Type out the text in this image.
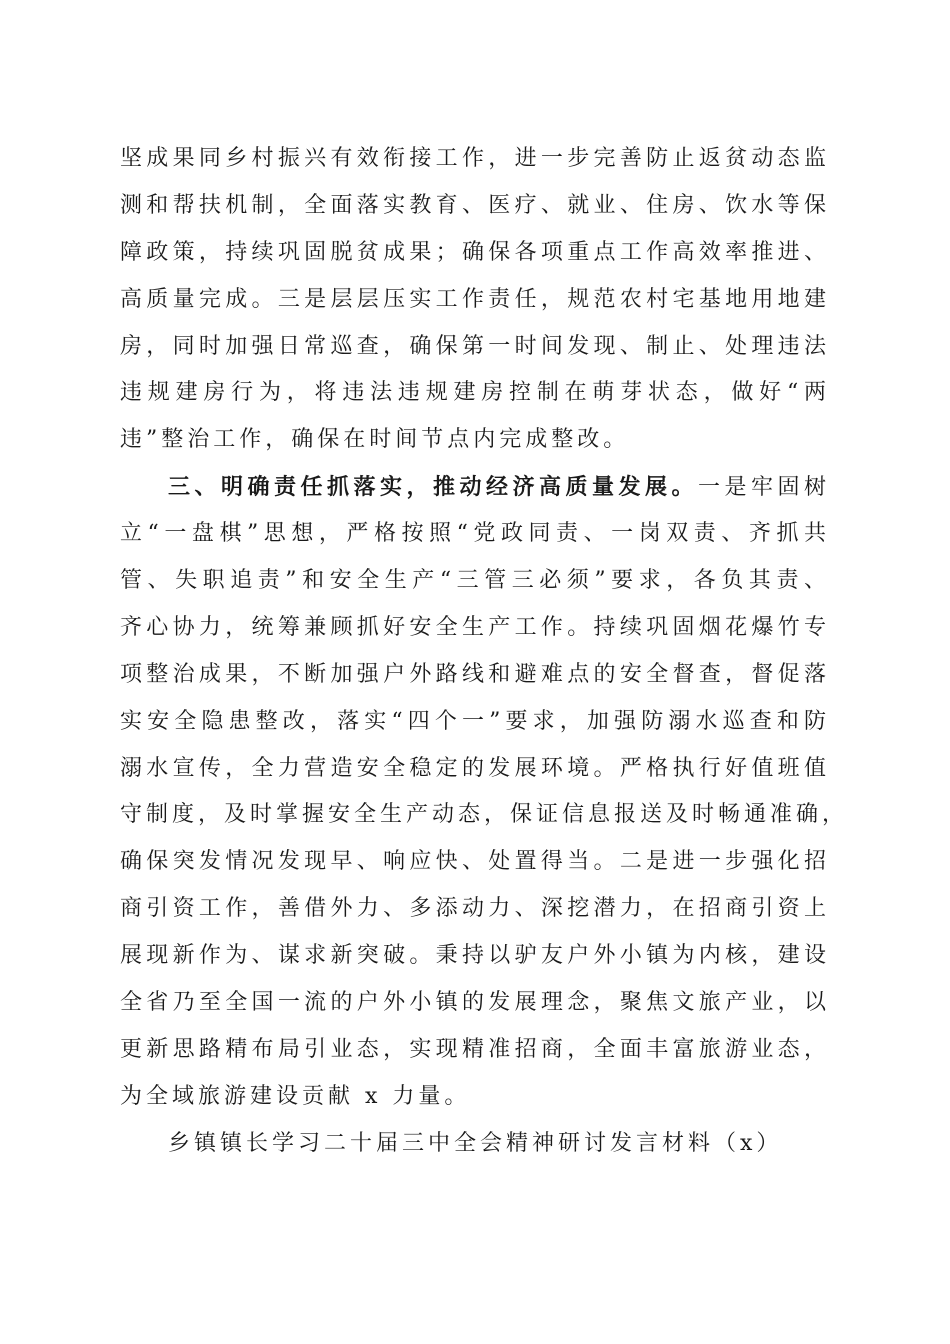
坚成果同乡村振兴有效衔接工作，进一步完善防止返贫动态监
测和帮扶机制，全面落实教育、医疗、就业、住房、饮水等保
障政策，持续巩固脱贫成果；确保各项重点工作高效率推进、
高质量完成。三是层层压实工作责任，规范农村宅基地用地建
房，同时加强日常巡查，确保第一时间发现、制止、处理违法
违规建房行为，将违法违规建房控制在萌芽状态，做好“两
违”整治工作，确保在时间节点内完成整改。
三、明确责任抓落实，推动经济高质量发展。一是牢固树
立“一盘棋”思想，严格按照“党政同责、一岗双责、齐抓共
管、失职追责”和安全生产“三管三必须”要求，各负其责、
齐心协力，统筹兼顾抓好安全生产工作。持续巩固烟花爆竹专
项整治成果，不断加强户外路线和避难点的安全督查，督促落
实安全隐患整改，落实“四个一”要求，加强防溺水巡查和防
溺水宣传，全力营造安全稳定的发展环境。严格执行好值班值
守制度，及时掌握安全生产动态，保证信息报送及时畅通准确，
确保突发情况发现早、响应快、处置得当。二是进一步强化招
商引资工作，善借外力、多添动力、深挖潜力，在招商引资上
展现新作为、谋求新突破。秉持以驴友户外小镇为内核，建设
全省乃至全国一流的户外小镇的发展理念，聚焦文旅产业，以
更新思路精布局引业态，实现精准招商，全面丰富旅游业态，
为全域旅游建设贡献 x 力量。
乡镇镇长学习二十届三中全会精神研讨发言材料（x）
